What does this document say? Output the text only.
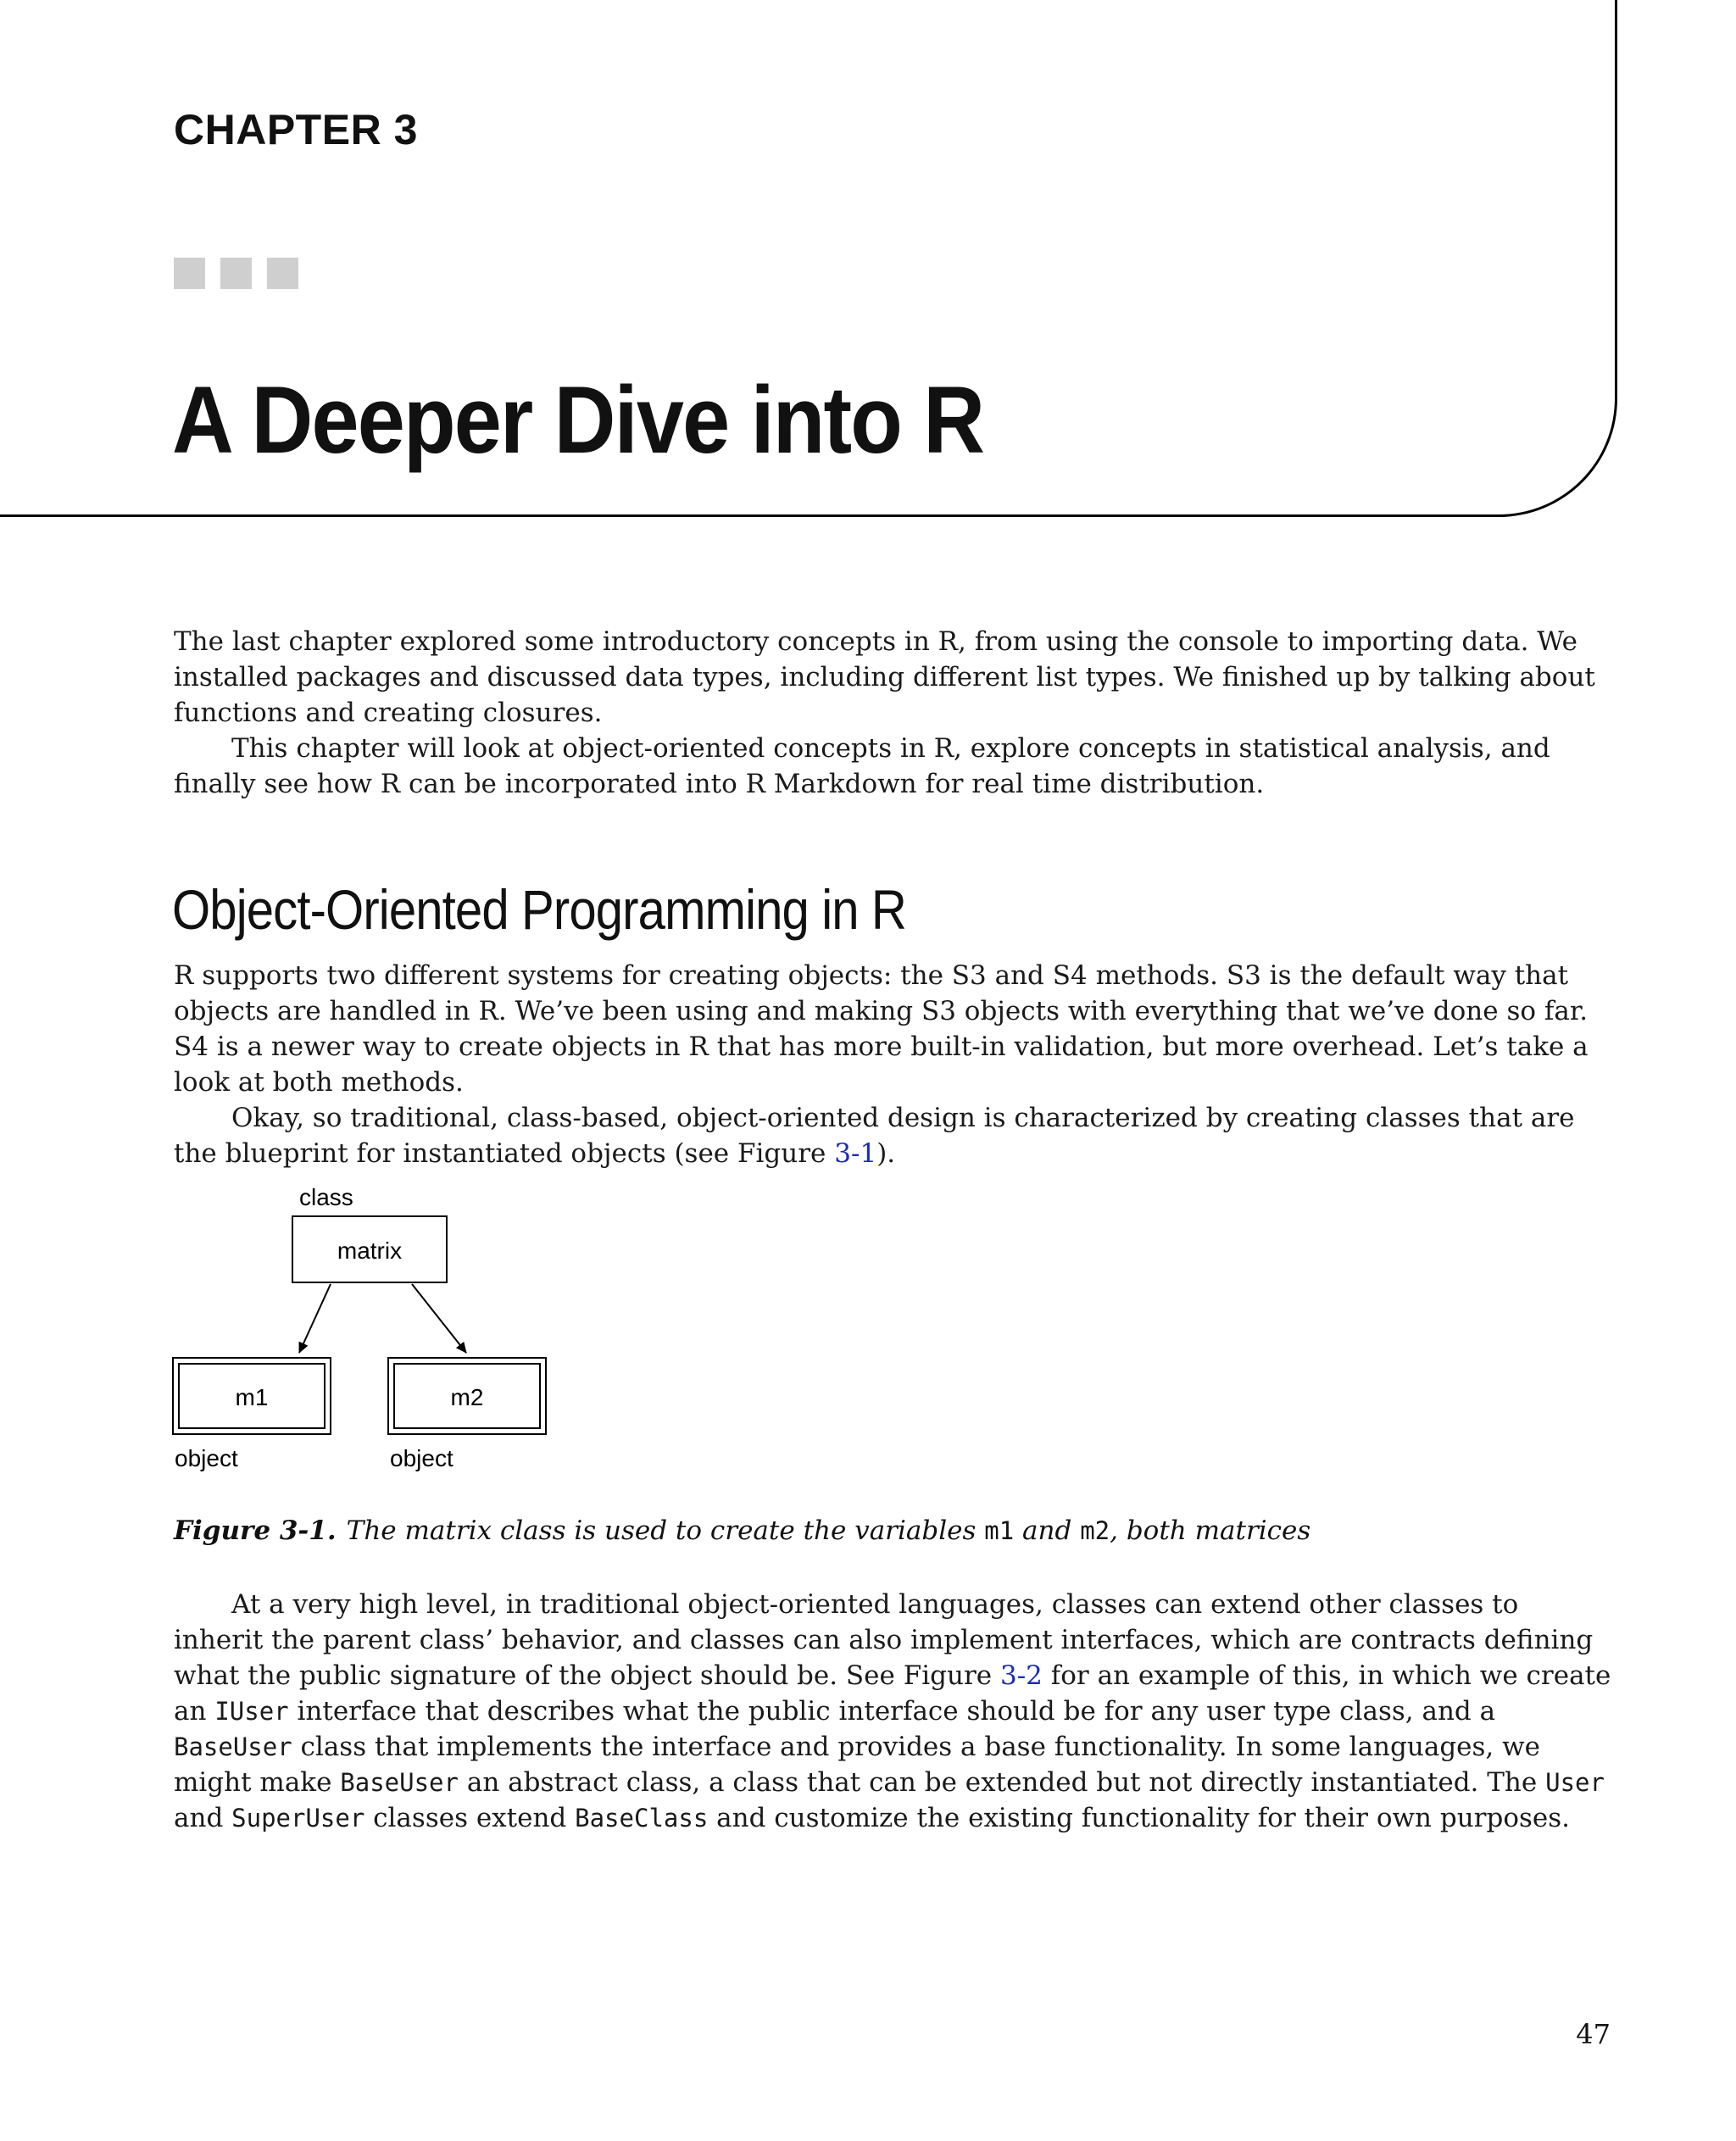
CHAPTER 3
A Deeper Dive into R

The last chapter explored some introductory concepts in R, from using the console to importing data. We installed packages and discussed data types, including different list types. We finished up by talking about functions and creating closures.

This chapter will look at object-oriented concepts in R, explore concepts in statistical analysis, and finally see how R can be incorporated into R Markdown for real time distribution.

Object-Oriented Programming in R

R supports two different systems for creating objects: the S3 and S4 methods. S3 is the default way that objects are handled in R. We’ve been using and making S3 objects with everything that we’ve done so far. S4 is a newer way to create objects in R that has more built-in validation, but more overhead. Let’s take a look at both methods.

Okay, so traditional, class-based, object-oriented design is characterized by creating classes that are the blueprint for instantiated objects (see Figure 3-1).

class
matrix
m1	m2
object	object
Figure 3-1. The matrix class is used to create the variables m1 and m2, both matrices

At a very high level, in traditional object-oriented languages, classes can extend other classes to inherit the parent class’ behavior, and classes can also implement interfaces, which are contracts defining what the public signature of the object should be. See Figure 3-2 for an example of this, in which we create an IUser interface that describes what the public interface should be for any user type class, and a BaseUser class that implements the interface and provides a base functionality. In some languages, we might make BaseUser an abstract class, a class that can be extended but not directly instantiated. The User and SuperUser classes extend BaseClass and customize the existing functionality for their own purposes.

47
